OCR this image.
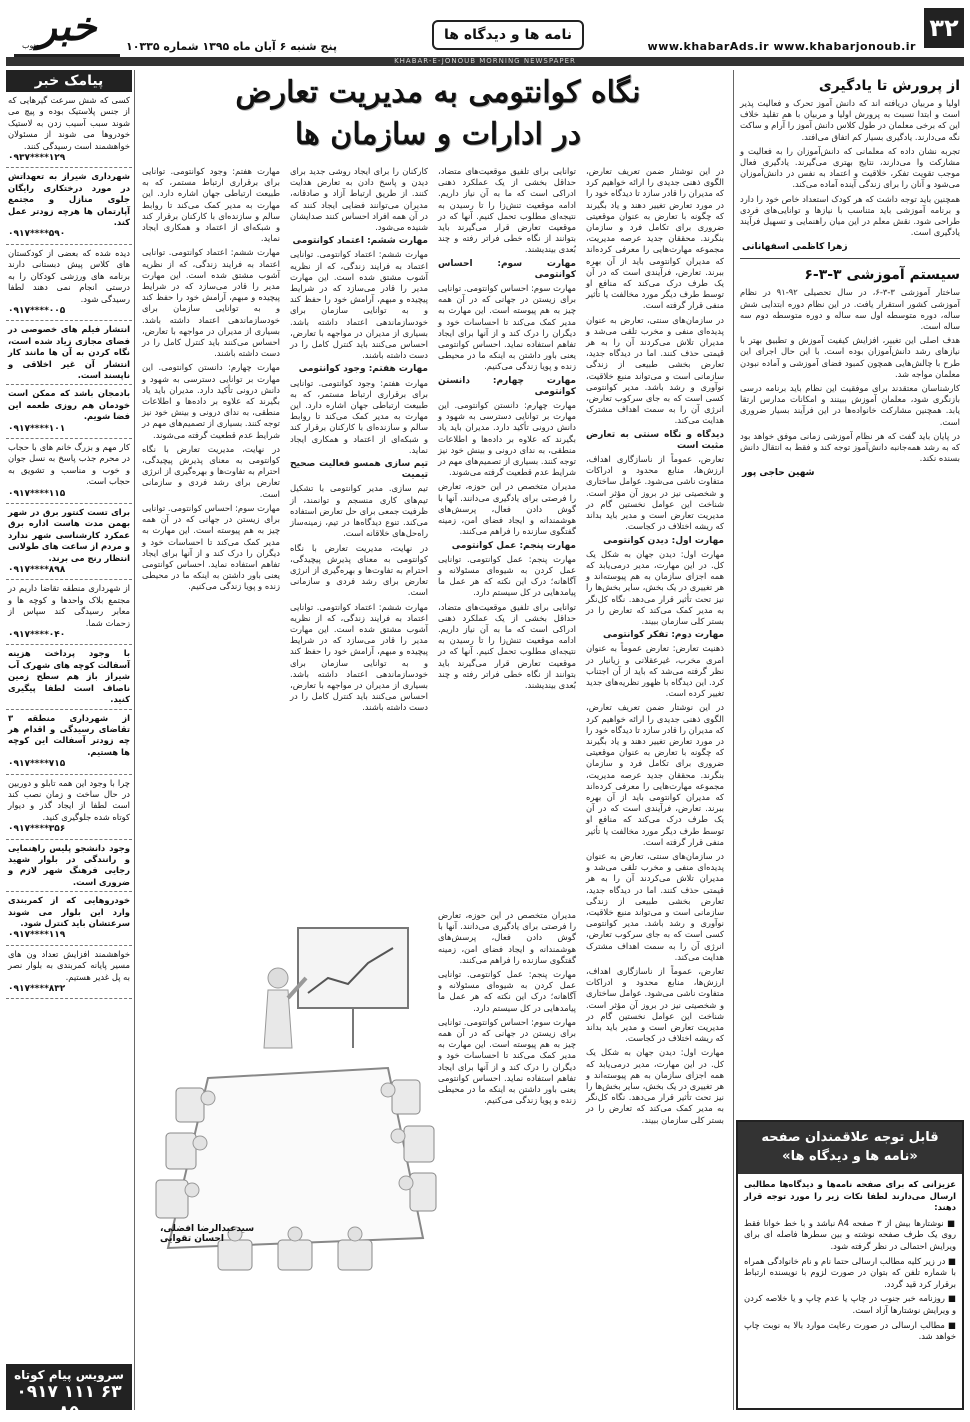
۳۲
www.khabarAds.ir www.khabarjonoub.ir
نامه ها و دیدگاه ها
پنج شنبه ۶ آبان ماه ۱۳۹۵ شماره ۱۰۳۳۵
خبر
جنوب
KHABAR-E-JONOUB MORNING NEWSPAPER
از پرورش تا یادگیری

اولیا و مربیان دریافته اند که دانش آموز تحرک و فعالیت پذیر است و ابتدا نسبت به پرورش اولیا و مربیان با هم تقلید خلاف این که برخی معلمان در طول کلاس دانش آموز را آرام و ساکت نگه می‌دارند. یادگیری بسیار کم اتفاق می‌افتد.

تجربه نشان داده که معلمانی که دانش‌آموزان را به فعالیت و مشارکت وا می‌دارند، نتایج بهتری می‌گیرند. یادگیری فعال موجب تقویت تفکر، خلاقیت و اعتماد به نفس در دانش‌آموزان می‌شود و آنان را برای زندگی آینده آماده می‌کند.

همچنین باید توجه داشت که هر کودک استعداد خاص خود را دارد و برنامه آموزشی باید متناسب با نیازها و توانایی‌های فردی طراحی شود. نقش معلم در این میان راهنمایی و تسهیل فرآیند یادگیری است.

زهرا کاظمی اسفهانانی
سیستم آموزشی ۳-۳-۶

ساختار آموزشی ۳-۳-۶، در سال تحصیلی ۹۲-۹۱ در نظام آموزشی کشور استقرار یافت. در این نظام دوره ابتدایی شش ساله، دوره متوسطه اول سه ساله و دوره متوسطه دوم سه ساله است.

هدف اصلی این تغییر، افزایش کیفیت آموزش و تطبیق بهتر با نیازهای رشد دانش‌آموزان بوده است. با این حال اجرای این طرح با چالش‌هایی همچون کمبود فضای آموزشی و آماده نبودن معلمان مواجه شد.

کارشناسان معتقدند برای موفقیت این نظام باید برنامه درسی بازنگری شود، معلمان آموزش ببینند و امکانات مدارس ارتقا یابد. همچنین مشارکت خانواده‌ها در این فرآیند بسیار ضروری است.

در پایان باید گفت که هر نظام آموزشی زمانی موفق خواهد بود که به رشد همه‌جانبه دانش‌آموز توجه کند و فقط به انتقال دانش بسنده نکند.

شهین حاجی پور
قابل توجه علاقمندان صفحه
«نامه ها و دیدگاه ها»

عزیزانی که برای صفحه نامه‌ها و دیدگاه‌ها مطالبی ارسال می‌دارند لطفا نکات زیر را مورد توجه قرار دهند:

■ نوشتارها بیش از ۳ صفحه A4 نباشد و با خط خوانا فقط روی یک طرف صفحه نوشته و بین سطرها فاصله ای برای ویرایش احتمالی در نظر گرفته شود.

■ در زیر کلیه مطالب ارسالی حتما نام و نام خانوادگی همراه با شماره تلفن که بتوان در صورت لزوم با نویسنده ارتباط برقرار کرد قید گردد.

■ روزنامه خبر جنوب در چاپ یا عدم چاپ و یا خلاصه کردن و ویرایش نوشتارها آزاد است.

■ مطالب ارسالی در صورت رعایت موارد بالا به نوبت چاپ خواهد شد.

نگاه کوانتومی به مدیریت تعارض
در ادارات و سازمان ها

در این نوشتار ضمن تعریف تعارض، الگوی ذهنی جدیدی را ارائه خواهیم کرد که مدیران را قادر سازد تا دیدگاه خود را در مورد تعارض تغییر دهند و یاد بگیرند که چگونه با تعارض به عنوان موقعیتی ضروری برای تکامل فرد و سازمان بنگرند. محققان جدید عرصه مدیریت، مجموعه مهارت‌هایی را معرفی کرده‌اند که مدیران کوانتومی باید از آن بهره ببرند. تعارض، فرآیندی است که در آن یک طرف درک می‌کند که منافع او توسط طرف دیگر مورد مخالفت یا تأثیر منفی قرار گرفته است.

در سازمان‌های سنتی، تعارض به عنوان پدیده‌ای منفی و مخرب تلقی می‌شد و مدیران تلاش می‌کردند آن را به هر قیمتی حذف کنند. اما در دیدگاه جدید، تعارض بخشی طبیعی از زندگی سازمانی است و می‌تواند منبع خلاقیت، نوآوری و رشد باشد. مدیر کوانتومی کسی است که به جای سرکوب تعارض، انرژی آن را به سمت اهداف مشترک هدایت می‌کند.

دیدگاه و نگاه سنتی به تعارض مثبت است

تعارض، عموماً از ناسازگاری اهداف، ارزش‌ها، منابع محدود و ادراکات متفاوت ناشی می‌شود. عوامل ساختاری و شخصیتی نیز در بروز آن مؤثر است. شناخت این عوامل نخستین گام در مدیریت تعارض است و مدیر باید بداند که ریشه اختلاف در کجاست.

مهارت اول: دیدن کوانتومی

مهارت اول: دیدن جهان به شکل یک کل. در این مهارت، مدیر درمی‌یابد که همه اجزای سازمان به هم پیوسته‌اند و هر تغییری در یک بخش، سایر بخش‌ها را نیز تحت تأثیر قرار می‌دهد. نگاه کل‌نگر به مدیر کمک می‌کند که تعارض را در بستر کلی سازمان ببیند.

مهارت دوم: تفکر کوانتومی

ذهنیت تعارض: تعارض عموماً به عنوان امری مخرب، غیرعقلانی و زیانبار در نظر گرفته می‌شد که باید از آن اجتناب کرد. این دیدگاه با ظهور نظریه‌های جدید تغییر کرده است.

در این نوشتار ضمن تعریف تعارض، الگوی ذهنی جدیدی را ارائه خواهیم کرد که مدیران را قادر سازد تا دیدگاه خود را در مورد تعارض تغییر دهند و یاد بگیرند که چگونه با تعارض به عنوان موقعیتی ضروری برای تکامل فرد و سازمان بنگرند. محققان جدید عرصه مدیریت، مجموعه مهارت‌هایی را معرفی کرده‌اند که مدیران کوانتومی باید از آن بهره ببرند. تعارض، فرآیندی است که در آن یک طرف درک می‌کند که منافع او توسط طرف دیگر مورد مخالفت یا تأثیر منفی قرار گرفته است.

در سازمان‌های سنتی، تعارض به عنوان پدیده‌ای منفی و مخرب تلقی می‌شد و مدیران تلاش می‌کردند آن را به هر قیمتی حذف کنند. اما در دیدگاه جدید، تعارض بخشی طبیعی از زندگی سازمانی است و می‌تواند منبع خلاقیت، نوآوری و رشد باشد. مدیر کوانتومی کسی است که به جای سرکوب تعارض، انرژی آن را به سمت اهداف مشترک هدایت می‌کند.

تعارض، عموماً از ناسازگاری اهداف، ارزش‌ها، منابع محدود و ادراکات متفاوت ناشی می‌شود. عوامل ساختاری و شخصیتی نیز در بروز آن مؤثر است. شناخت این عوامل نخستین گام در مدیریت تعارض است و مدیر باید بداند که ریشه اختلاف در کجاست.

مهارت اول: دیدن جهان به شکل یک کل. در این مهارت، مدیر درمی‌یابد که همه اجزای سازمان به هم پیوسته‌اند و هر تغییری در یک بخش، سایر بخش‌ها را نیز تحت تأثیر قرار می‌دهد. نگاه کل‌نگر به مدیر کمک می‌کند که تعارض را در بستر کلی سازمان ببیند.

توانایی برای تلفیق موقعیت‌های متضاد، حداقل بخشی از یک عملکرد ذهنی ادراکی است که ما به آن نیاز داریم. ادامه موقعیت تنش‌زا را تا رسیدن به نتیجه‌ای مطلوب تحمل کنیم. آنها که در موقعیت تعارض قرار می‌گیرند باید بتوانند از نگاه خطی فراتر رفته و چند بُعدی بیندیشند.

مهارت سوم: احساس کوانتومی

مهارت سوم: احساس کوانتومی. توانایی برای زیستن در جهانی که در آن همه چیز به هم پیوسته است. این مهارت به مدیر کمک می‌کند تا احساسات خود و دیگران را درک کند و از آنها برای ایجاد تفاهم استفاده نماید. احساس کوانتومی یعنی باور داشتن به اینکه ما در محیطی زنده و پویا زندگی می‌کنیم.

مهارت چهارم: دانستن کوانتومی

مهارت چهارم: دانستن کوانتومی. این مهارت بر توانایی دسترسی به شهود و دانش درونی تأکید دارد. مدیران باید یاد بگیرند که علاوه بر داده‌ها و اطلاعات منطقی، به ندای درونی و بینش خود نیز توجه کنند. بسیاری از تصمیم‌های مهم در شرایط عدم قطعیت گرفته می‌شوند.

مدیران متخصص در این حوزه، تعارض را فرصتی برای یادگیری می‌دانند. آنها با گوش دادن فعال، پرسش‌های هوشمندانه و ایجاد فضای امن، زمینه گفتگوی سازنده را فراهم می‌کنند.

مهارت پنجم: عمل کوانتومی

مهارت پنجم: عمل کوانتومی. توانایی عمل کردن به شیوه‌ای مسئولانه و آگاهانه؛ درک این نکته که هر عمل ما پیامدهایی در کل سیستم دارد.

توانایی برای تلفیق موقعیت‌های متضاد، حداقل بخشی از یک عملکرد ذهنی ادراکی است که ما به آن نیاز داریم. ادامه موقعیت تنش‌زا را تا رسیدن به نتیجه‌ای مطلوب تحمل کنیم. آنها که در موقعیت تعارض قرار می‌گیرند باید بتوانند از نگاه خطی فراتر رفته و چند بُعدی بیندیشند.

کارکنان را برای ایجاد روشی جدید برای دیدن و پاسخ دادن به تعارض هدایت کنند. از طریق ارتباط آزاد و صادقانه، مدیران می‌توانند فضایی ایجاد کنند که در آن همه افراد احساس کنند صدایشان شنیده می‌شود.

مهارت ششم: اعتماد کوانتومی

مهارت ششم: اعتماد کوانتومی. توانایی اعتماد به فرایند زندگی، که از نظریه آشوب مشتق شده است. این مهارت مدیر را قادر می‌سازد که در شرایط پیچیده و مبهم، آرامش خود را حفظ کند و به توانایی سازمان برای خودسازماندهی اعتماد داشته باشد. بسیاری از مدیران در مواجهه با تعارض، احساس می‌کنند باید کنترل کامل را در دست داشته باشند.

مهارت هفتم: وجود کوانتومی

مهارت هفتم: وجود کوانتومی. توانایی برای برقراری ارتباط مستمر، که به طبیعت ارتباطی جهان اشاره دارد. این مهارت به مدیر کمک می‌کند تا روابط سالم و سازنده‌ای با کارکنان برقرار کند و شبکه‌ای از اعتماد و همکاری ایجاد نماید.

تیم سازی همسو فعالیت صحیح تیمیت

تیم سازی. مدیر کوانتومی با تشکیل تیم‌های کاری منسجم و توانمند، از ظرفیت جمعی برای حل تعارض استفاده می‌کند. تنوع دیدگاه‌ها در تیم، زمینه‌ساز راه‌حل‌های خلاقانه است.

در نهایت، مدیریت تعارض با نگاه کوانتومی به معنای پذیرش پیچیدگی، احترام به تفاوت‌ها و بهره‌گیری از انرژی تعارض برای رشد فردی و سازمانی است.

مهارت ششم: اعتماد کوانتومی. توانایی اعتماد به فرایند زندگی، که از نظریه آشوب مشتق شده است. این مهارت مدیر را قادر می‌سازد که در شرایط پیچیده و مبهم، آرامش خود را حفظ کند و به توانایی سازمان برای خودسازماندهی اعتماد داشته باشد. بسیاری از مدیران در مواجهه با تعارض، احساس می‌کنند باید کنترل کامل را در دست داشته باشند.

مهارت هفتم: وجود کوانتومی. توانایی برای برقراری ارتباط مستمر، که به طبیعت ارتباطی جهان اشاره دارد. این مهارت به مدیر کمک می‌کند تا روابط سالم و سازنده‌ای با کارکنان برقرار کند و شبکه‌ای از اعتماد و همکاری ایجاد نماید.

مهارت ششم: اعتماد کوانتومی. توانایی اعتماد به فرایند زندگی، که از نظریه آشوب مشتق شده است. این مهارت مدیر را قادر می‌سازد که در شرایط پیچیده و مبهم، آرامش خود را حفظ کند و به توانایی سازمان برای خودسازماندهی اعتماد داشته باشد. بسیاری از مدیران در مواجهه با تعارض، احساس می‌کنند باید کنترل کامل را در دست داشته باشند.

مهارت چهارم: دانستن کوانتومی. این مهارت بر توانایی دسترسی به شهود و دانش درونی تأکید دارد. مدیران باید یاد بگیرند که علاوه بر داده‌ها و اطلاعات منطقی، به ندای درونی و بینش خود نیز توجه کنند. بسیاری از تصمیم‌های مهم در شرایط عدم قطعیت گرفته می‌شوند.

در نهایت، مدیریت تعارض با نگاه کوانتومی به معنای پذیرش پیچیدگی، احترام به تفاوت‌ها و بهره‌گیری از انرژی تعارض برای رشد فردی و سازمانی است.

مهارت سوم: احساس کوانتومی. توانایی برای زیستن در جهانی که در آن همه چیز به هم پیوسته است. این مهارت به مدیر کمک می‌کند تا احساسات خود و دیگران را درک کند و از آنها برای ایجاد تفاهم استفاده نماید. احساس کوانتومی یعنی باور داشتن به اینکه ما در محیطی زنده و پویا زندگی می‌کنیم.

مدیران متخصص در این حوزه، تعارض را فرصتی برای یادگیری می‌دانند. آنها با گوش دادن فعال، پرسش‌های هوشمندانه و ایجاد فضای امن، زمینه گفتگوی سازنده را فراهم می‌کنند.

مهارت پنجم: عمل کوانتومی. توانایی عمل کردن به شیوه‌ای مسئولانه و آگاهانه؛ درک این نکته که هر عمل ما پیامدهایی در کل سیستم دارد.

مهارت سوم: احساس کوانتومی. توانایی برای زیستن در جهانی که در آن همه چیز به هم پیوسته است. این مهارت به مدیر کمک می‌کند تا احساسات خود و دیگران را درک کند و از آنها برای ایجاد تفاهم استفاده نماید. احساس کوانتومی یعنی باور داشتن به اینکه ما در محیطی زنده و پویا زندگی می‌کنیم.

سیدعبدالرضا افضلی، احسان تقوایی
پیامک خبر
کسی که شش سرعت گیرهایی که از جنس پلاستیک بوده و پیچ می شوند سبب آسیب زدن به لاستیک خودروها می شوند از مسئولان خواهشمند است رسیدگی کنند.
۰۹۳۷****۱۲۹
شهرداری شیراز به تعهداتش در مورد درختکاری رایگان جلوی منازل و مجتمع آپارتمان ها هرچه زودتر عمل کند.
۰۹۱۷****۵۹۰
دیده شده که بعضی از کودکستان های کلاس پیش دبستانی دارند برنامه های ورزشی کودکان را به درستی انجام نمی دهند لطفا رسیدگی شود.
۰۹۱۷****۰۰۵
انتشار فیلم های خصوصی در فضای مجازی زیاد شده است، نگاه کردن به آن ها مانند کار انتشار آن غیر اخلاقی و ناپسند است.
بادمجان باشد که ممکن است خودمان هم روزی طعمه این فضا شویم.
۰۹۱۷****۱۰۱
کار مهم و بزرگ خانم های با حجاب در محرم جذب پاسخ به نسل جوان و خوب و مناسب و تشویق به حجاب است.
۰۹۱۷****۱۱۵
برای تست کنتور برق در شهر بهمن مدت هاست اداره برق عمکرد کارشناسی شهر ندارد و مردم از ساعت های طولانی انتظار رنج می برند.
۰۹۱۷****۸۹۸
از شهرداری منطقه تقاضا داریم در مجتمع بلاک واحدها و کوچه ها و معابر رسیدگی کند سپاس از زحمات شما.
۰۹۱۷****۰۴۰
با وجود پرداخت هزینه آسفالت کوچه های شهرک آب شیراز باز هم سطح زمین ناصاف است لطفا پیگیری کنید.
از شهرداری منطقه ۳ تقاضای رسیدگی و اقدام هر چه زودتر آسفالت این کوچه ها هستیم.
۰۹۱۷****۷۱۵
چرا با وجود این همه تابلو و دوربین در حال ساخت و زمان نصب کند است لطفا از ایجاد گذر و دیوار کوتاه شده جلوگیری کنید.
۰۹۱۷****۳۵۶
وجود دانشجو پلیس راهنمایی و رانندگی در بلوار شهید رجایی فرهنگ شهر لازم و ضروری است.
خودروهایی که از کمربندی وارد این بلوار می شوند سرعتشان باید کنترل شود.
۰۹۱۷****۱۱۹
خواهشمند افزایش تعداد ون های مسیر پایانه کمربندی به بلوار نصر به پل غدیر هستیم.
۰۹۱۷****۸۳۲
سرویس پیام کوتاه
۰۹۱۷ ۱۱۱ ۶۳ ۸۵
